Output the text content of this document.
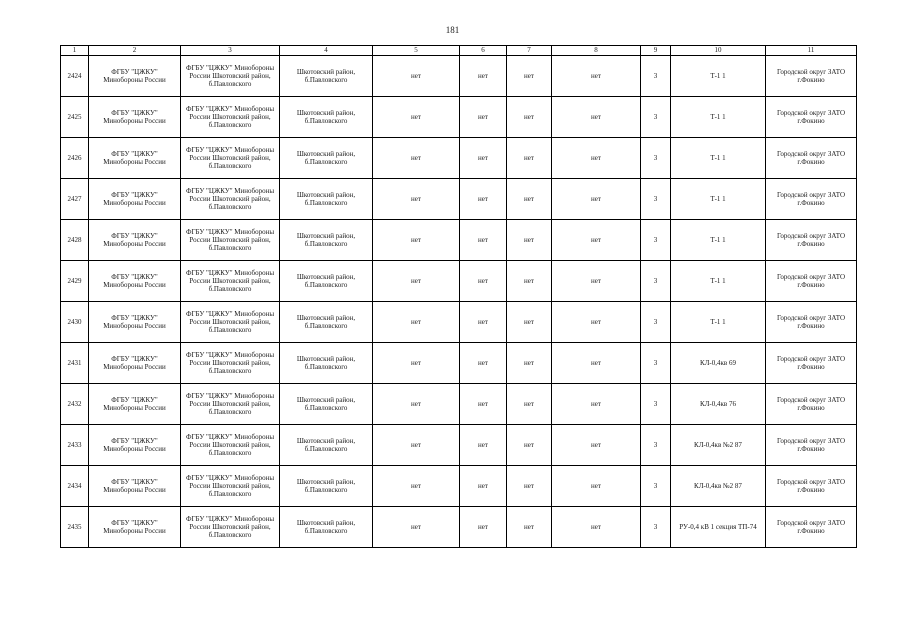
181
1	2	3	4	5	6	7	8	9	10	11
2424	ФГБУ "ЦЖКУ" Минобороны России	ФГБУ "ЦЖКУ" Минобороны России Шкотовский район, б.Павловского	Шкотовский район, б.Павловского	нет	нет	нет	нет	3	Т-1 1	Городской округ ЗАТО г.Фокино
2425	ФГБУ "ЦЖКУ" Минобороны России	ФГБУ "ЦЖКУ" Минобороны России Шкотовский район, б.Павловского	Шкотовский район, б.Павловского	нет	нет	нет	нет	3	Т-1 1	Городской округ ЗАТО г.Фокино
2426	ФГБУ "ЦЖКУ" Минобороны России	ФГБУ "ЦЖКУ" Минобороны России Шкотовский район, б.Павловского	Шкотовский район, б.Павловского	нет	нет	нет	нет	3	Т-1 1	Городской округ ЗАТО г.Фокино
2427	ФГБУ "ЦЖКУ" Минобороны России	ФГБУ "ЦЖКУ" Минобороны России Шкотовский район, б.Павловского	Шкотовский район, б.Павловского	нет	нет	нет	нет	3	Т-1 1	Городской округ ЗАТО г.Фокино
2428	ФГБУ "ЦЖКУ" Минобороны России	ФГБУ "ЦЖКУ" Минобороны России Шкотовский район, б.Павловского	Шкотовский район, б.Павловского	нет	нет	нет	нет	3	Т-1 1	Городской округ ЗАТО г.Фокино
2429	ФГБУ "ЦЖКУ" Минобороны России	ФГБУ "ЦЖКУ" Минобороны России Шкотовский район, б.Павловского	Шкотовский район, б.Павловского	нет	нет	нет	нет	3	Т-1 1	Городской округ ЗАТО г.Фокино
2430	ФГБУ "ЦЖКУ" Минобороны России	ФГБУ "ЦЖКУ" Минобороны России Шкотовский район, б.Павловского	Шкотовский район, б.Павловского	нет	нет	нет	нет	3	Т-1 1	Городской округ ЗАТО г.Фокино
2431	ФГБУ "ЦЖКУ" Минобороны России	ФГБУ "ЦЖКУ" Минобороны России Шкотовский район, б.Павловского	Шкотовский район, б.Павловского	нет	нет	нет	нет	3	КЛ-0,4кв 69	Городской округ ЗАТО г.Фокино
2432	ФГБУ "ЦЖКУ" Минобороны России	ФГБУ "ЦЖКУ" Минобороны России Шкотовский район, б.Павловского	Шкотовский район, б.Павловского	нет	нет	нет	нет	3	КЛ-0,4кв 76	Городской округ ЗАТО г.Фокино
2433	ФГБУ "ЦЖКУ" Минобороны России	ФГБУ "ЦЖКУ" Минобороны России Шкотовский район, б.Павловского	Шкотовский район, б.Павловского	нет	нет	нет	нет	3	КЛ-0,4кв №2 87	Городской округ ЗАТО г.Фокино
2434	ФГБУ "ЦЖКУ" Минобороны России	ФГБУ "ЦЖКУ" Минобороны России Шкотовский район, б.Павловского	Шкотовский район, б.Павловского	нет	нет	нет	нет	3	КЛ-0,4кв №2 87	Городской округ ЗАТО г.Фокино
2435	ФГБУ "ЦЖКУ" Минобороны России	ФГБУ "ЦЖКУ" Минобороны России Шкотовский район, б.Павловского	Шкотовский район, б.Павловского	нет	нет	нет	нет	3	РУ-0,4 кВ 1 секция ТП-74	Городской округ ЗАТО г.Фокино
